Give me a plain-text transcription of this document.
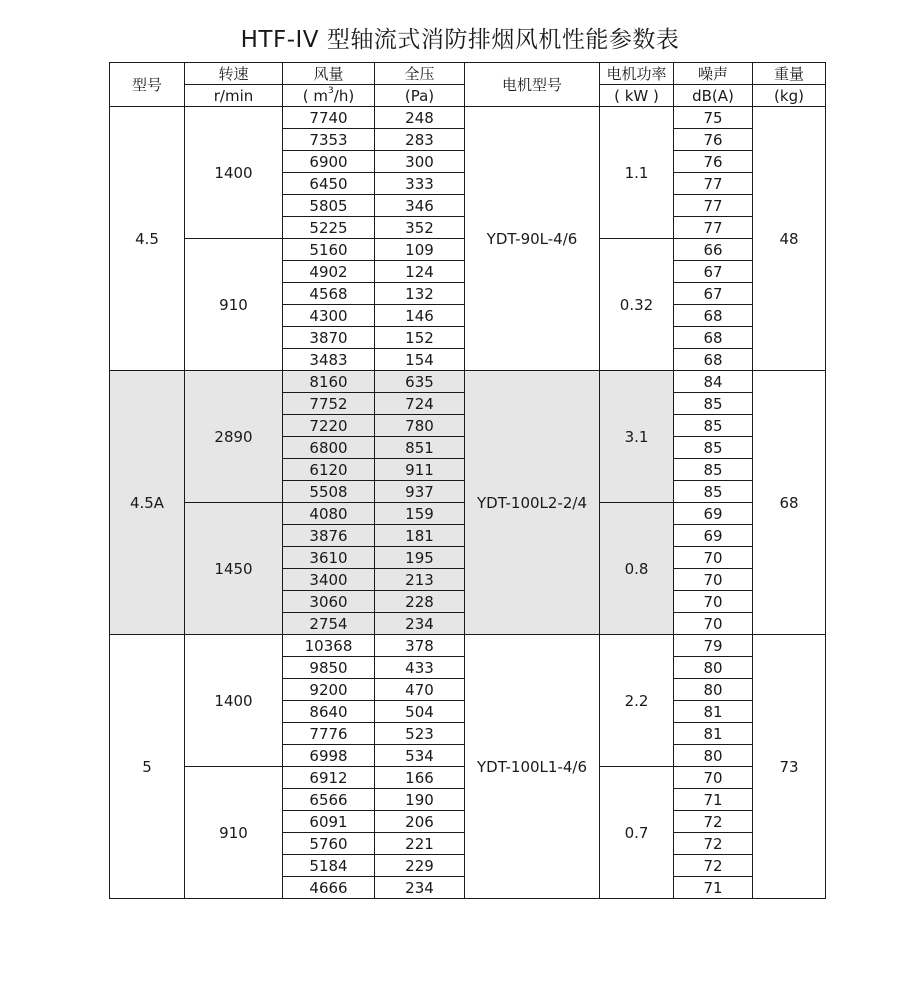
HTF-IV 型轴流式消防排烟风机性能参数表
型号	转速	风量	全压	电机型号	电机功率	噪声	重量
	r/min	( $m^3/h$)	(Pa)		( kW )	dB(A)	(kg)
4.5	1400	7740	248	YDT-90L-4/6	1.1	75	48
		7353	283			76	
		6900	300			76	
		6450	333			77	
		5805	346			77	
		5225	352			77	
	910	5160	109		0.32	66	
		4902	124			67	
		4568	132			67	
		4300	146			68	
		3870	152			68	
		3483	154			68	
4.5A	2890	8160	635	YDT-100L2-2/4	3.1	84	68
		7752	724			85	
		7220	780			85	
		6800	851			85	
		6120	911			85	
		5508	937			85	
	1450	4080	159		0.8	69	
		3876	181			69	
		3610	195			70	
		3400	213			70	
		3060	228			70	
		2754	234			70	
5	1400	10368	378	YDT-100L1-4/6	2.2	79	73
		9850	433			80	
		9200	470			80	
		8640	504			81	
		7776	523			81	
		6998	534			80	
	910	6912	166		0.7	70	
		6566	190			71	
		6091	206			72	
		5760	221			72	
		5184	229			72	
		4666	234			71	
